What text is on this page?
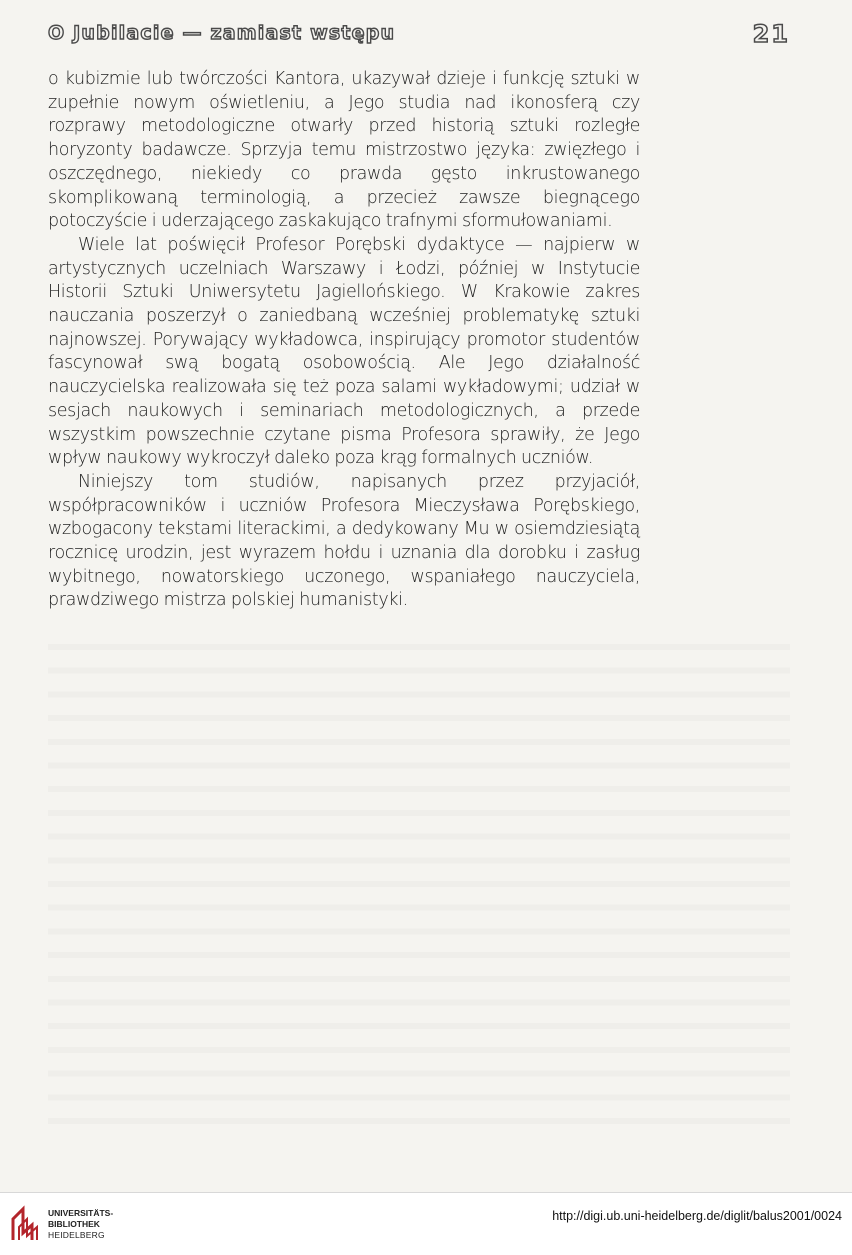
O Jubilacie — zamiast wstępu	21

o kubizmie lub twórczości Kantora, ukazywał dzieje i funkcję sztuki w zupełnie nowym oświetleniu, a Jego studia nad ikonosferą czy rozprawy metodologiczne otwarły przed historią sztuki rozległe horyzonty badawcze. Sprzyja temu mistrzostwo języka: zwięzłego i oszczędnego, niekiedy co prawda gęsto inkrustowanego skomplikowaną terminologią, a przecież zawsze biegnącego potoczyście i uderzającego zaskakująco trafnymi sformułowaniami.

Wiele lat poświęcił Profesor Porębski dydaktyce — najpierw w artystycznych uczelniach Warszawy i Łodzi, później w Instytucie Historii Sztuki Uniwersytetu Jagiellońskiego. W Krakowie zakres nauczania poszerzył o zaniedbaną wcześniej problematykę sztuki najnowszej. Porywający wykładowca, inspirujący promotor studentów fascynował swą bogatą osobowością. Ale Jego działalność nauczycielska realizowała się też poza salami wykładowymi; udział w sesjach naukowych i seminariach metodologicznych, a przede wszystkim powszechnie czytane pisma Profesora sprawiły, że Jego wpływ naukowy wykroczył daleko poza krąg formalnych uczniów.

Niniejszy tom studiów, napisanych przez przyjaciół, współpracowników i uczniów Profesora Mieczysława Porębskiego, wzbogacony tekstami literackimi, a dedykowany Mu w osiemdziesiątą rocznicę urodzin, jest wyrazem hołdu i uznania dla dorobku i zasług wybitnego, nowatorskiego uczonego, wspaniałego nauczyciela, prawdziwego mistrza polskiej humanistyki.

UNIVERSITÄTS-
BIBLIOTHEK
HEIDELBERG
http://digi.ub.uni-heidelberg.de/diglit/balus2001/0024
